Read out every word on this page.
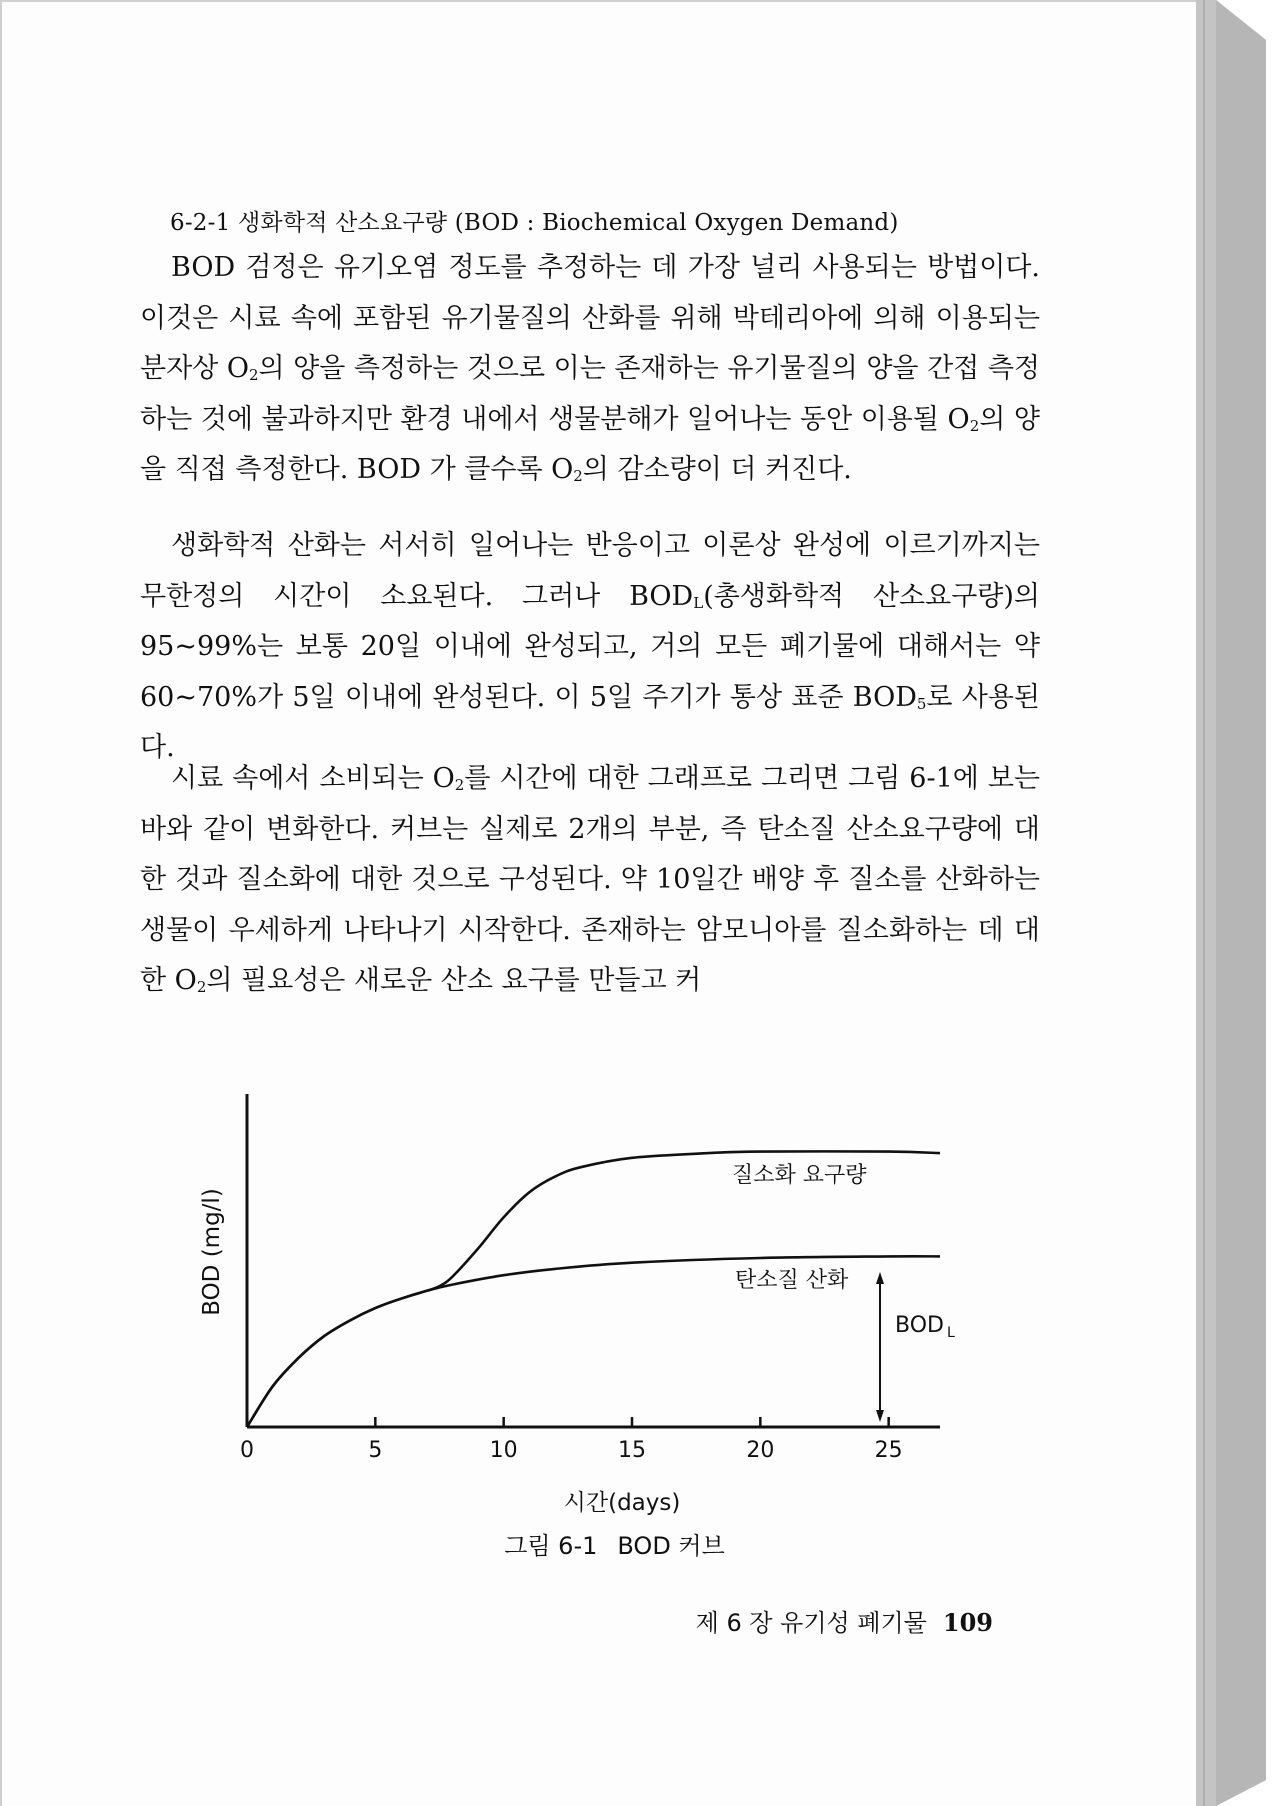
6-2-1 생화학적 산소요구량 (BOD : Biochemical Oxygen Demand)

BOD 검정은 유기오염 정도를 추정하는 데 가장 널리 사용되는 방법이다. 이것은 시료 속에 포함된 유기물질의 산화를 위해 박테리아에 의해 이용되는 분자상 $O_2$의 양을 측정하는 것으로 이는 존재하는 유기물질의 양을 간접 측정하는 것에 불과하지만 환경 내에서 생물분해가 일어나는 동안 이용될 $O_2$의 양을 직접 측정한다. BOD 가 클수록 $O_2$의 감소량이 더 커진다.

생화학적 산화는 서서히 일어나는 반응이고 이론상 완성에 이르기까지는 무한정의 시간이 소요된다. 그러나 $BOD_L$(총생화학적 산소요구량)의 95~99%는 보통 20일 이내에 완성되고, 거의 모든 폐기물에 대해서는 약 60~70%가 5일 이내에 완성된다. 이 5일 주기가 통상 표준 $BOD_5$로 사용된다.

시료 속에서 소비되는 $O_2$를 시간에 대한 그래프로 그리면 그림 6-1에 보는 바와 같이 변화한다. 커브는 실제로 2개의 부분, 즉 탄소질 산소요구량에 대한 것과 질소화에 대한 것으로 구성된다. 약 10일간 배양 후 질소를 산화하는 생물이 우세하게 나타나기 시작한다. 존재하는 암모니아를 질소화하는 데 대한 $O_2$의 필요성은 새로운 산소 요구를 만들고 커

0	5	10	15	20	25
시간(days)
BOD (mg/l)
질소화 요구량
탄소질 산화
BOD L
그림 6-1 BOD 커브
제 6 장 유기성 폐기물 109
